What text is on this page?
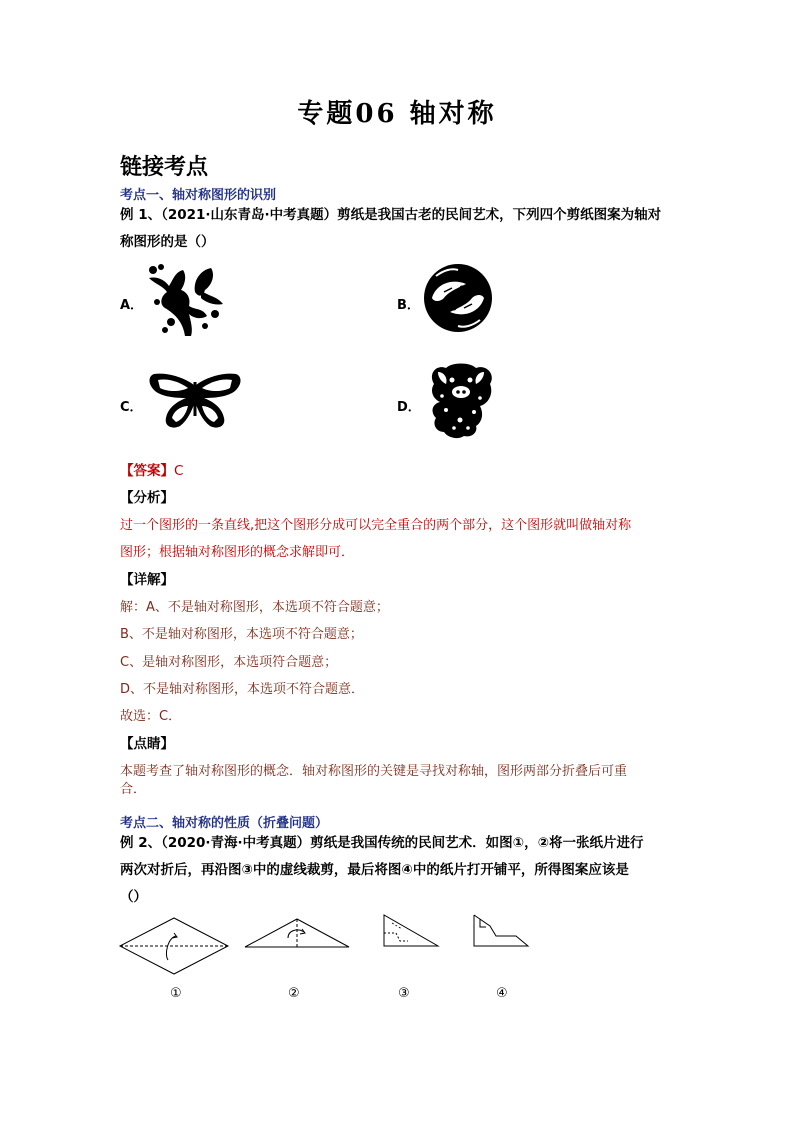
专题06 轴对称
链接考点
考点一、轴对称图形的识别
例 1、（2021·山东青岛·中考真题）剪纸是我国古老的民间艺术，下列四个剪纸图案为轴对
称图形的是（）
A．	B．
C．	D．
【答案】C
【分析】
过一个图形的一条直线,把这个图形分成可以完全重合的两个部分，这个图形就叫做轴对称
图形；根据轴对称图形的概念求解即可．
【详解】
解：A、不是轴对称图形，本选项不符合题意；
B、不是轴对称图形，本选项不符合题意；
C、是轴对称图形，本选项符合题意；
D、不是轴对称图形，本选项不符合题意．
故选：C．
【点睛】
本题考查了轴对称图形的概念．轴对称图形的关键是寻找对称轴，图形两部分折叠后可重
合．
考点二、轴对称的性质（折叠问题）
例 2、（2020·青海·中考真题）剪纸是我国传统的民间艺术．如图①，②将一张纸片进行
两次对折后，再沿图③中的虚线裁剪，最后将图④中的纸片打开铺平，所得图案应该是
（）
①	②	③	④
